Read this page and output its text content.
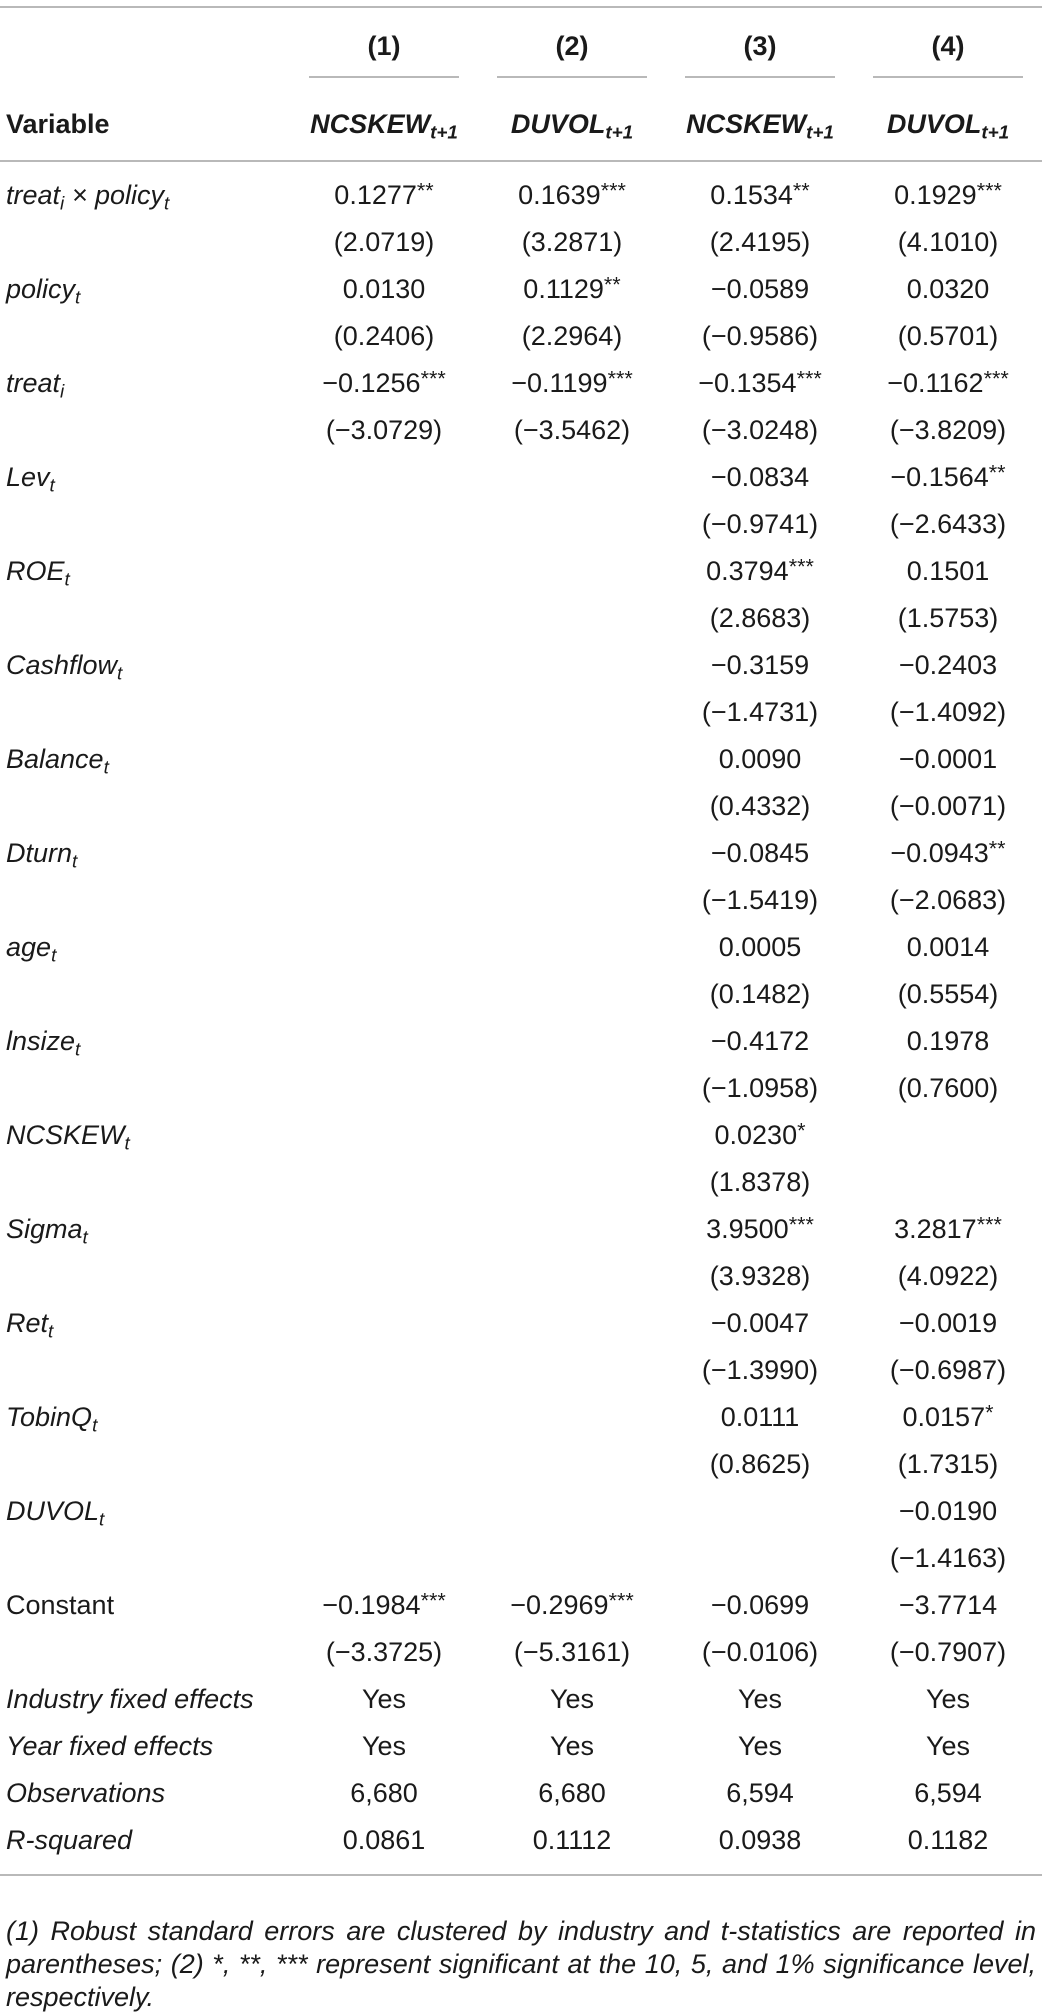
	(1)	(2)	(3)	(4)
Variable	$NCSKEW_{t+1}$	$DUVOL_{t+1}$	$NCSKEW_{t+1}$	$DUVOL_{t+1}$
treat$_i$ × policy$_t$	0.1277**	0.1639***	0.1534**	0.1929***
	(2.0719)	(3.2871)	(2.4195)	(4.1010)
policy$_t$	0.0130	0.1129**	−0.0589	0.0320
	(0.2406)	(2.2964)	(−0.9586)	(0.5701)
treat$_i$	−0.1256***	−0.1199***	−0.1354***	−0.1162***
	(−3.0729)	(−3.5462)	(−3.0248)	(−3.8209)
Lev$_t$			−0.0834	−0.1564**
			(−0.9741)	(−2.6433)
$ROE_t$			0.3794***	0.1501
			(2.8683)	(1.5753)
Cashflow$_t$			−0.3159	−0.2403
			(−1.4731)	(−1.4092)
Balance$_t$			0.0090	−0.0001
			(0.4332)	(−0.0071)
Dturn$_t$			−0.0845	−0.0943**
			(−1.5419)	(−2.0683)
age$_t$			0.0005	0.0014
			(0.1482)	(0.5554)
lnsize$_t$			−0.4172	0.1978
			(−1.0958)	(0.7600)
$NCSKEW_t$			0.0230*	
			(1.8378)	
Sigma$_t$			3.9500***	3.2817***
			(3.9328)	(4.0922)
Ret$_t$			−0.0047	−0.0019
			(−1.3990)	(−0.6987)
TobinQ$_t$			0.0111	0.0157*
			(0.8625)	(1.7315)
$DUVOL_t$				−0.0190
				(−1.4163)
Constant	−0.1984***	−0.2969***	−0.0699	−3.7714
	(−3.3725)	(−5.3161)	(−0.0106)	(−0.7907)
Industry fixed effects	Yes	Yes	Yes	Yes
Year fixed effects	Yes	Yes	Yes	Yes
Observations	6,680	6,680	6,594	6,594
R-squared	0.0861	0.1112	0.0938	0.1182

(1) Robust standard errors are clustered by industry and t-statistics are reported in parentheses; (2) *, **, *** represent significant at the 10, 5, and 1% significance level, respectively.
